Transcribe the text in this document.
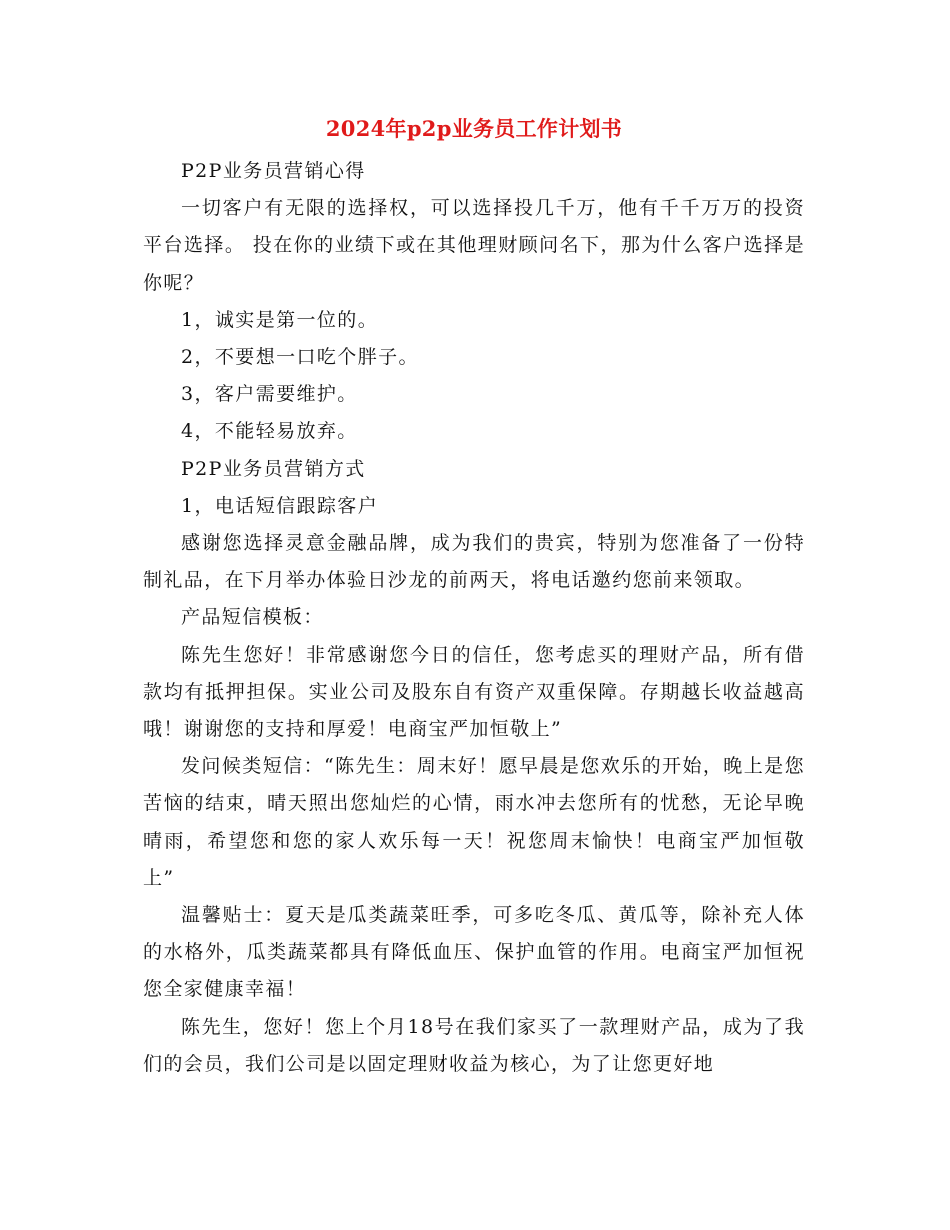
2024年p2p业务员工作计划书

P2P业务员营销心得

一切客户有无限的选择权，可以选择投几千万，他有千千万万的投资平台选择。 投在你的业绩下或在其他理财顾问名下，那为什么客户选择是你呢？

1，诚实是第一位的。

2，不要想一口吃个胖子。

3，客户需要维护。

4，不能轻易放弃。

P2P业务员营销方式

1，电话短信跟踪客户

感谢您选择灵意金融品牌，成为我们的贵宾，特别为您准备了一份特制礼品，在下月举办体验日沙龙的前两天，将电话邀约您前来领取。

产品短信模板：

陈先生您好！非常感谢您今日的信任，您考虑买的理财产品，所有借款均有抵押担保。实业公司及股东自有资产双重保障。存期越长收益越高哦！谢谢您的支持和厚爱！电商宝严加恒敬上”

发问候类短信：“陈先生：周末好！愿早晨是您欢乐的开始，晚上是您苦恼的结束，晴天照出您灿烂的心情，雨水冲去您所有的忧愁，无论早晚晴雨，希望您和您的家人欢乐每一天！祝您周末愉快！电商宝严加恒敬上”

温馨贴士：夏天是瓜类蔬菜旺季，可多吃冬瓜、黄瓜等，除补充人体的水格外，瓜类蔬菜都具有降低血压、保护血管的作用。电商宝严加恒祝您全家健康幸福！

陈先生，您好！您上个月18号在我们家买了一款理财产品，成为了我们的会员，我们公司是以固定理财收益为核心，为了让您更好地
